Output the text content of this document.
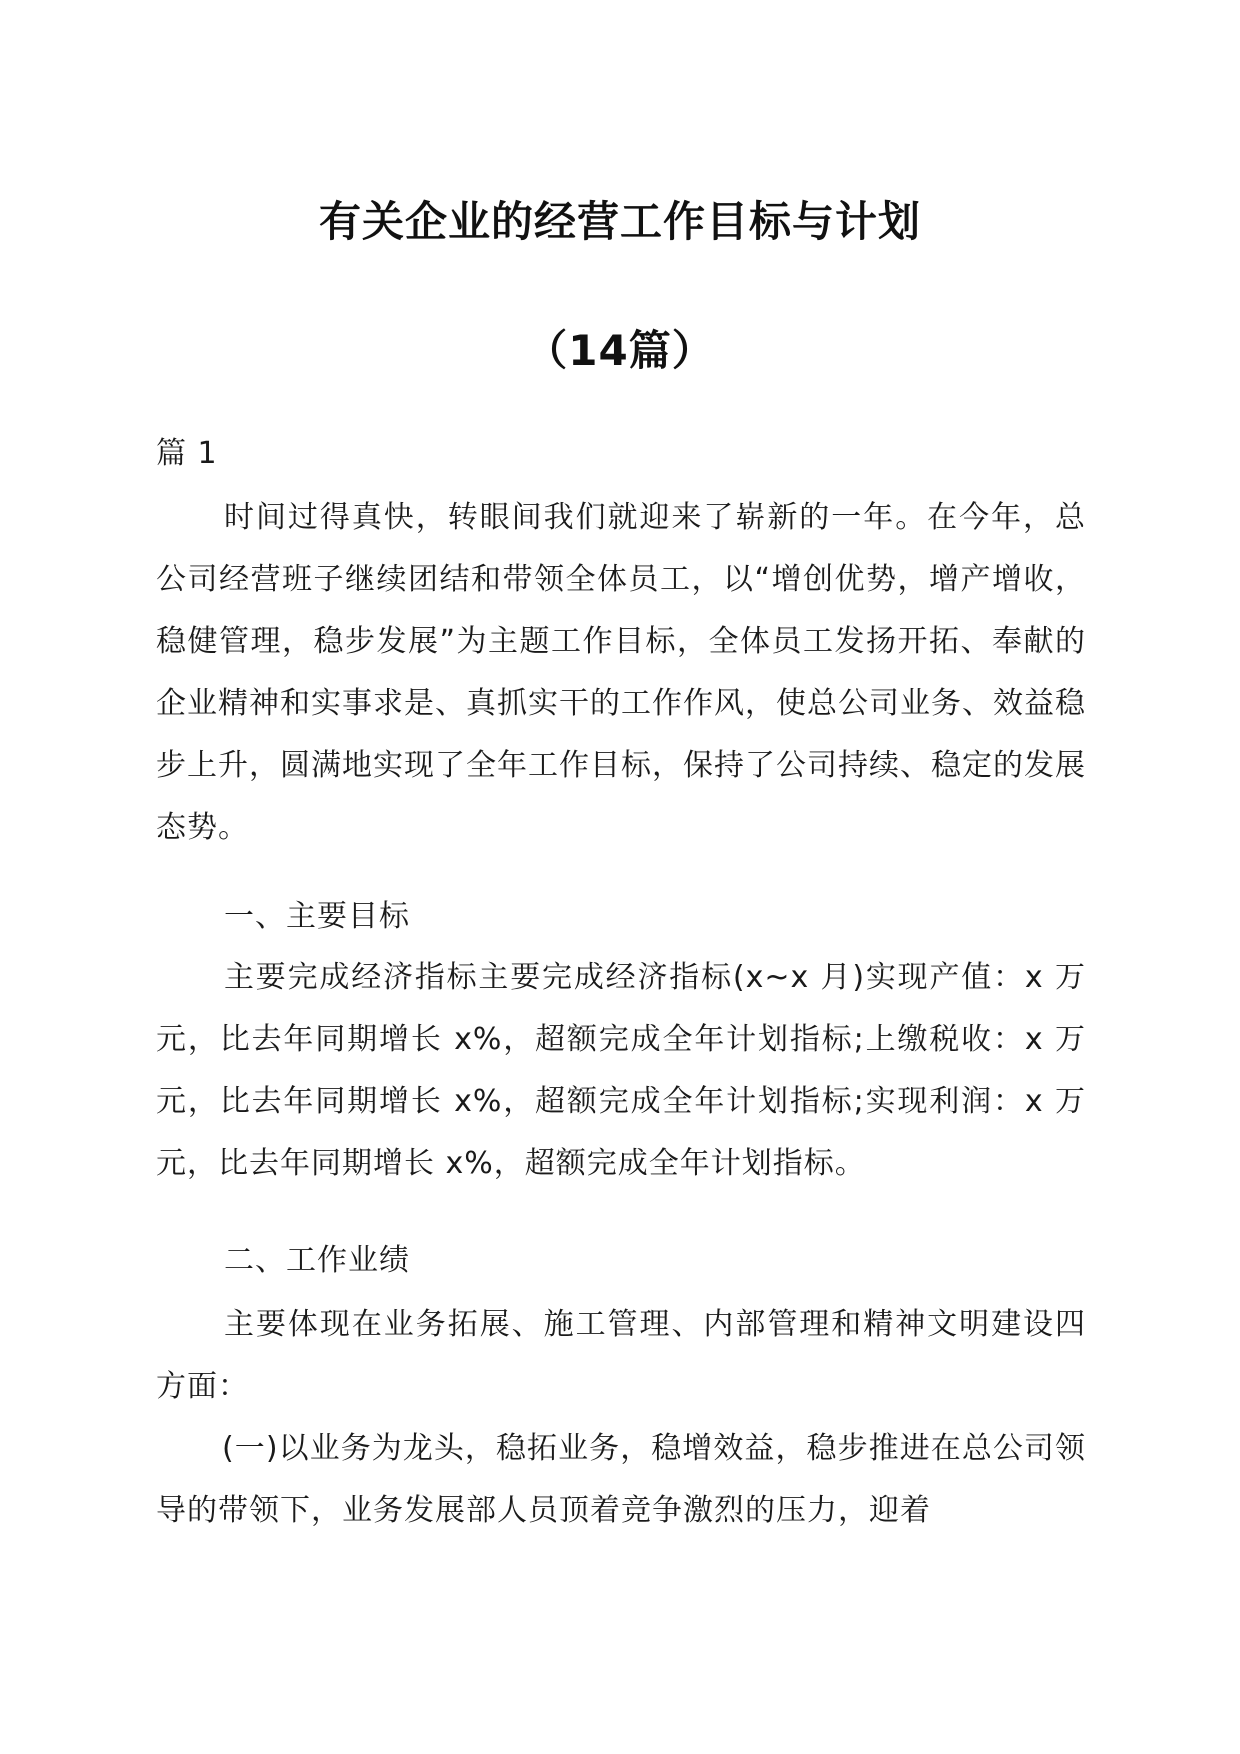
有关企业的经营工作目标与计划
（14篇）
篇 1

时间过得真快，转眼间我们就迎来了崭新的一年。在今年，总公司经营班子继续团结和带领全体员工，以“增创优势，增产增收，稳健管理，稳步发展”为主题工作目标，全体员工发扬开拓、奉献的企业精神和实事求是、真抓实干的工作作风，使总公司业务、效益稳步上升，圆满地实现了全年工作目标，保持了公司持续、稳定的发展态势。

一、主要目标

主要完成经济指标主要完成经济指标(x~x 月)实现产值：x 万元，比去年同期增长 x%，超额完成全年计划指标;上缴税收：x 万元，比去年同期增长 x%，超额完成全年计划指标;实现利润：x 万元，比去年同期增长 x%，超额完成全年计划指标。

二、工作业绩

主要体现在业务拓展、施工管理、内部管理和精神文明建设四方面：

(一)以业务为龙头，稳拓业务，稳增效益，稳步推进在总公司领导的带领下，业务发展部人员顶着竞争激烈的压力，迎着
